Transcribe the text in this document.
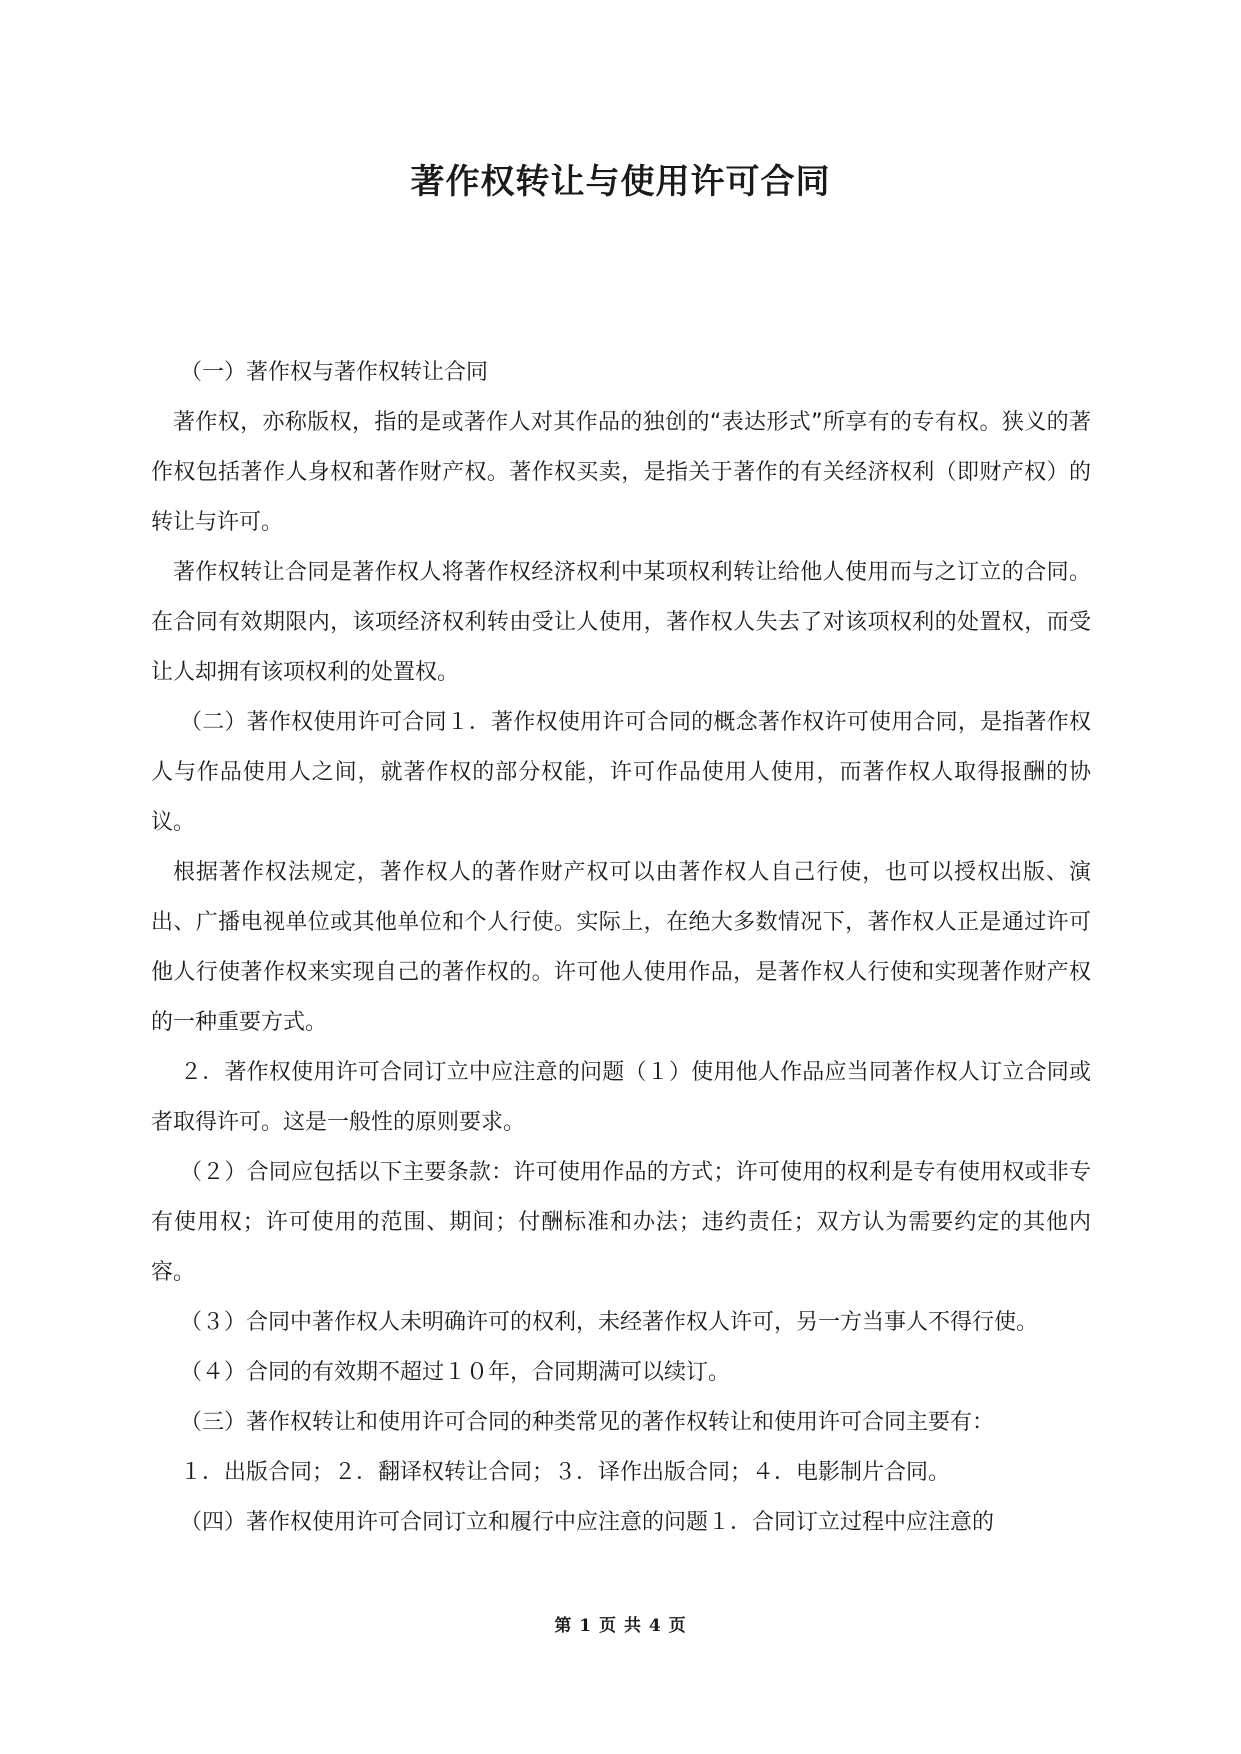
著作权转让与使用许可合同

（一）著作权与著作权转让合同

著作权，亦称版权，指的是或著作人对其作品的独创的“表达形式”所享有的专有权。狭义的著作权包括著作人身权和著作财产权。著作权买卖，是指关于著作的有关经济权利（即财产权）的转让与许可。

著作权转让合同是著作权人将著作权经济权利中某项权利转让给他人使用而与之订立的合同。在合同有效期限内，该项经济权利转由受让人使用，著作权人失去了对该项权利的处置权，而受让人却拥有该项权利的处置权。

（二）著作权使用许可合同１．著作权使用许可合同的概念著作权许可使用合同，是指著作权人与作品使用人之间，就著作权的部分权能，许可作品使用人使用，而著作权人取得报酬的协议。

根据著作权法规定，著作权人的著作财产权可以由著作权人自己行使，也可以授权出版、演出、广播电视单位或其他单位和个人行使。实际上，在绝大多数情况下，著作权人正是通过许可他人行使著作权来实现自己的著作权的。许可他人使用作品，是著作权人行使和实现著作财产权的一种重要方式。

２．著作权使用许可合同订立中应注意的问题（１）使用他人作品应当同著作权人订立合同或者取得许可。这是一般性的原则要求。

（２）合同应包括以下主要条款：许可使用作品的方式；许可使用的权利是专有使用权或非专有使用权；许可使用的范围、期间；付酬标准和办法；违约责任；双方认为需要约定的其他内容。

（３）合同中著作权人未明确许可的权利，未经著作权人许可，另一方当事人不得行使。

（４）合同的有效期不超过１０年，合同期满可以续订。

（三）著作权转让和使用许可合同的种类常见的著作权转让和使用许可合同主要有：

１．出版合同；２．翻译权转让合同；３．译作出版合同；４．电影制片合同。

（四）著作权使用许可合同订立和履行中应注意的问题１．合同订立过程中应注意的

第 1 页 共 4 页
